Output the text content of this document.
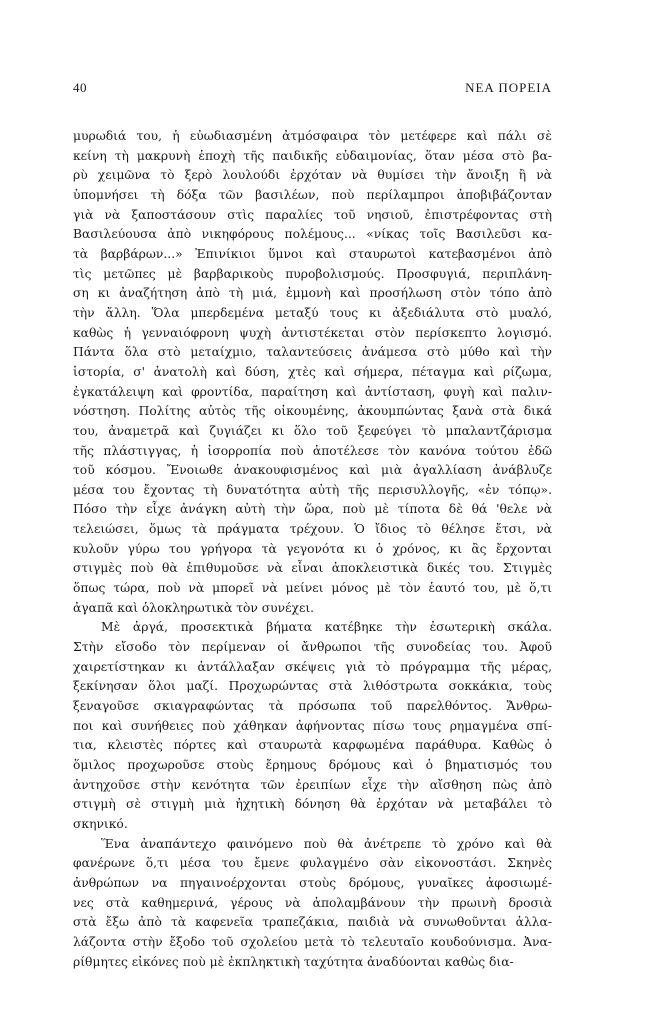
40	ΝΕΑ ΠΟΡΕΙΑ
μυρωδιά του, ἡ εὐωδιασμένη ἀτμόσφαιρα τὸν μετέφερε καὶ πάλι σὲ
κείνη τὴ μακρυνὴ ἐποχὴ τῆς παιδικῆς εὐδαιμονίας, ὅταν μέσα στὸ βα-
ρὺ χειμῶνα τὸ ξερὸ λουλούδι ἐρχόταν νὰ θυμίσει τὴν ἄνοιξη ἢ νὰ
ὑπομνήσει τὴ δόξα τῶν βασιλέων, ποὺ περίλαμπροι ἀποβιβάζονταν
γιὰ νὰ ξαποστάσουν στὶς παραλίες τοῦ νησιοῦ, ἐπιστρέφοντας στὴ
Βασιλεύουσα ἀπὸ νικηφόρους πολέμους... «νίκας τοῖς Βασιλεῦσι κα-
τὰ βαρβάρων...» Ἐπινίκιοι ὕμνοι καὶ σταυρωτοὶ κατεβασμένοι ἀπὸ
τὶς μετῶπες μὲ βαρβαρικοὺς πυροβολισμούς. Προσφυγιά, περιπλάνη-
ση κι ἀναζήτηση ἀπὸ τὴ μιά, ἐμμονὴ καὶ προσήλωση στὸν τόπο ἀπὸ
τὴν ἄλλη. Ὅλα μπερδεμένα μεταξύ τους κι ἀξεδιάλυτα στὸ μυαλό,
καθὼς ἡ γενναιόφρονη ψυχὴ ἀντιστέκεται στὸν περίσκεπτο λογισμό.
Πάντα ὅλα στὸ μεταίχμιο, ταλαντεύσεις ἀνάμεσα στὸ μύθο καὶ τὴν
ἱστορία, σ' ἀνατολὴ καὶ δύση, χτὲς καὶ σήμερα, πέταγμα καὶ ρίζωμα,
ἐγκατάλειψη καὶ φροντίδα, παραίτηση καὶ ἀντίσταση, φυγὴ καὶ παλιν-
νόστηση. Πολίτης αὐτὸς τῆς οἰκουμένης, ἀκουμπώντας ξανὰ στὰ δικά
του, ἀναμετρᾶ καὶ ζυγιάζει κι ὅλο τοῦ ξεφεύγει τὸ μπαλαντζάρισμα
τῆς πλάστιγγας, ἡ ἰσορροπία ποὺ ἀποτέλεσε τὸν κανόνα τούτου ἐδῶ
τοῦ κόσμου. Ἔνοιωθε ἀνακουφισμένος καὶ μιὰ ἀγαλλίαση ἀνάβλυζε
μέσα του ἔχοντας τὴ δυνατότητα αὐτὴ τῆς περισυλλογῆς, «ἐν τόπῳ».
Πόσο τὴν εἶχε ἀνάγκη αὐτὴ τὴν ὥρα, ποὺ μὲ τίποτα δὲ θά 'θελε νὰ
τελειώσει, ὅμως τὰ πράγματα τρέχουν. Ὁ ἴδιος τὸ θέλησε ἔτσι, νὰ
κυλοῦν γύρω του γρήγορα τὰ γεγονότα κι ὁ χρόνος, κι ἂς ἔρχονται
στιγμὲς ποὺ θὰ ἐπιθυμοῦσε νὰ εἶναι ἀποκλειστικὰ δικές του. Στιγμὲς
ὅπως τώρα, ποὺ νὰ μπορεῖ νὰ μείνει μόνος μὲ τὸν ἑαυτό του, μὲ ὅ,τι
ἀγαπᾶ καὶ ὁλοκληρωτικὰ τὸν συνέχει.
Μὲ ἀργά, προσεκτικὰ βήματα κατέβηκε τὴν ἐσωτερικὴ σκάλα.
Στὴν εἴσοδο τὸν περίμεναν οἱ ἄνθρωποι τῆς συνοδείας του. Ἀφοῦ
χαιρετίστηκαν κι ἀντάλλαξαν σκέψεις γιὰ τὸ πρόγραμμα τῆς μέρας,
ξεκίνησαν ὅλοι μαζί. Προχωρώντας στὰ λιθόστρωτα σοκκάκια, τοὺς
ξεναγοῦσε σκιαγραφώντας τὰ πρόσωπα τοῦ παρελθόντος. Ἄνθρω-
ποι καὶ συνήθειες ποὺ χάθηκαν ἀφήνοντας πίσω τους ρημαγμένα σπί-
τια, κλειστὲς πόρτες καὶ σταυρωτὰ καρφωμένα παράθυρα. Καθὼς ὁ
ὅμιλος προχωροῦσε στοὺς ἔρημους δρόμους καὶ ὁ βηματισμός του
ἀντηχοῦσε στὴν κενότητα τῶν ἐρειπίων εἶχε τὴν αἴσθηση πὼς ἀπὸ
στιγμὴ σὲ στιγμὴ μιὰ ἠχητικὴ δόνηση θὰ ἐρχόταν νὰ μεταβάλει τὸ
σκηνικό.
Ἕνα ἀναπάντεχο φαινόμενο ποὺ θὰ ἀνέτρεπε τὸ χρόνο καὶ θὰ
φανέρωνε ὅ,τι μέσα του ἔμενε φυλαγμένο σὰν εἰκονοστάσι. Σκηνὲς
ἀνθρώπων να πηγαινοέρχονται στοὺς δρόμους, γυναῖκες ἀφοσιωμέ-
νες στὰ καθημερινά, γέρους νὰ ἀπολαμβάνουν τὴν πρωινὴ δροσιὰ
στὰ ἔξω ἀπὸ τὰ καφενεῖα τραπεζάκια, παιδιὰ νὰ συνωθοῦνται ἀλλα-
λάζοντα στὴν ἔξοδο τοῦ σχολείου μετὰ τὸ τελευταῖο κουδούνισμα. Ἀνα-
ρίθμητες εἰκόνες ποὺ μὲ ἐκπληκτικὴ ταχύτητα ἀναδύονται καθὼς δια-
